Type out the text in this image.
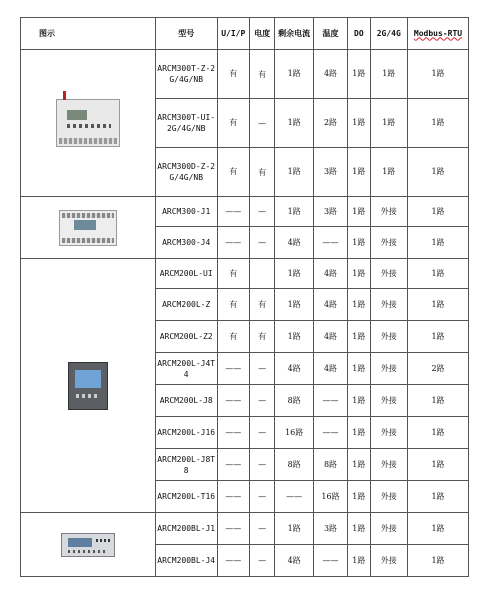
图示	型号	U/I/P	电度	剩余电流	温度	DO	2G/4G	Modbus-RTU

	ARCM300T-Z-2G/4G/NB	有	有	1路	4路	1路	1路	1路
	ARCM300T-UI-2G/4G/NB	有	—	1路	2路	1路	1路	1路
	ARCM300D-Z-2G/4G/NB	有	有	1路	3路	1路	1路	1路

	ARCM300-J1	——	—	1路	3路	1路	外接	1路
	ARCM300-J4	——	—	4路	——	1路	外接	1路

	ARCM200L-UI	有		1路	4路	1路	外接	1路
	ARCM200L-Z	有	有	1路	4路	1路	外接	1路
	ARCM200L-Z2	有	有	1路	4路	1路	外接	1路
	ARCM200L-J4T4	——	—	4路	4路	1路	外接	2路
	ARCM200L-J8	——	—	8路	——	1路	外接	1路
	ARCM200L-J16	——	—	16路	——	1路	外接	1路
	ARCM200L-J8T8	——	—	8路	8路	1路	外接	1路
	ARCM200L-T16	——	—	——	16路	1路	外接	1路

	ARCM200BL-J1	——	—	1路	3路	1路	外接	1路
	ARCM200BL-J4	——	—	4路	——	1路	外接	1路
